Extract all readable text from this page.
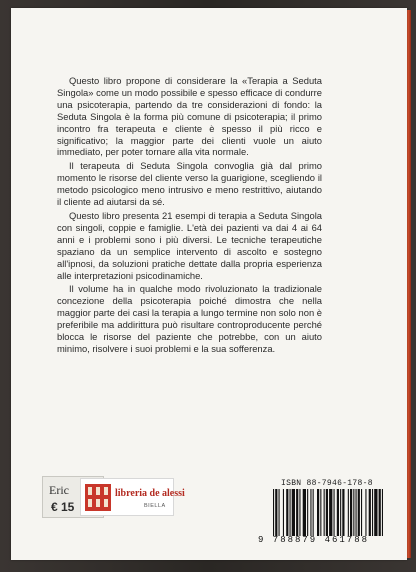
Questo libro propone di considerare la «Terapia a Seduta Singola» come un modo possibile e spesso efficace di condurre una psicoterapia, partendo da tre considerazioni di fondo: la Seduta Singola è la forma più comune di psicoterapia; il primo incontro fra terapeuta e cliente è spesso il più ricco e significativo; la maggior parte dei clienti vuole un aiuto immediato, per poter tornare alla vita normale.

Il terapeuta di Seduta Singola convoglia già dal primo momento le risorse del cliente verso la guarigione, scegliendo il metodo psicologico meno intrusivo e meno restrittivo, aiutando il cliente ad aiutarsi da sé.

Questo libro presenta 21 esempi di terapia a Seduta Singola con singoli, coppie e famiglie. L'età dei pazienti va dai 4 ai 64 anni e i problemi sono i più diversi. Le tecniche terapeutiche spaziano da un semplice intervento di ascolto e sostegno all'ipnosi, da soluzioni pratiche dettate dalla propria esperienza alle interpretazioni psicodinamiche.

Il volume ha in qualche modo rivoluzionato la tradizionale concezione della psicoterapia poiché dimostra che nella maggior parte dei casi la terapia a lungo termine non solo non è preferibile ma addirittura può risultare controproducente perché blocca le risorse del paziente che potrebbe, con un aiuto minimo, risolvere i suoi problemi e la sua sofferenza.

Eric
€ 15
libreria de alessi
BIELLA
ISBN 88-7946-178-8
9 788879 461788
